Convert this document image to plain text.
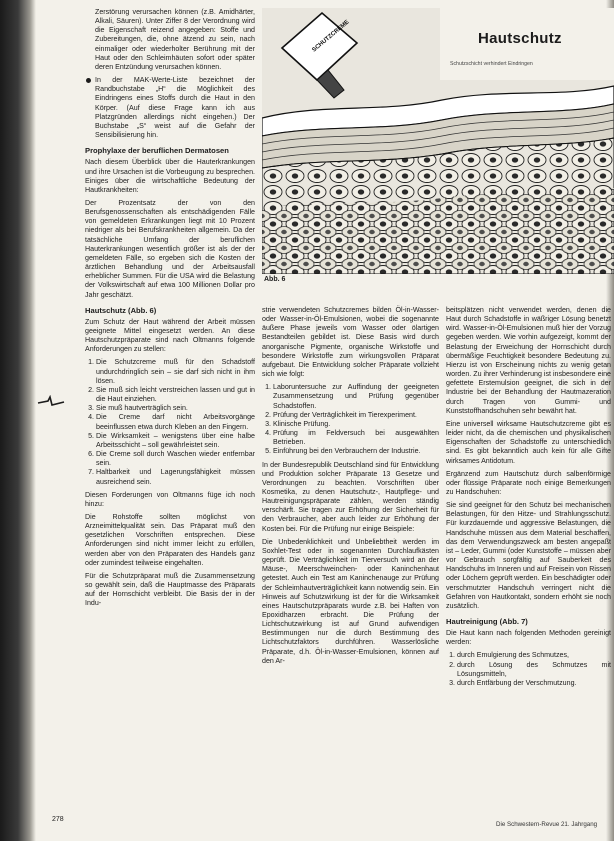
Zerstörung verursachen können (z.B. Amidhärter, Alkali, Säuren). Unter Ziffer 8 der Verordnung wird die Eigenschaft reizend angegeben: Stoffe und Zubereitungen, die, ohne ätzend zu sein, nach einmaliger oder wiederholter Berührung mit der Haut oder den Schleimhäuten sofort oder später deren Entzündung verursachen können.

In der MAK-Werte-Liste bezeichnet der Randbuchstabe „H“ die Möglichkeit des Eindringens eines Stoffs durch die Haut in den Körper. (Auf diese Frage kann ich aus Platzgründen allerdings nicht eingehen.) Der Buchstabe „S“ weist auf die Gefahr der Sensibilisierung hin.

Prophylaxe der beruflichen Dermatosen

Nach diesem Überblick über die Hauterkrankungen und ihre Ursachen ist die Vorbeugung zu besprechen. Einiges über die wirtschaftliche Bedeutung der Hautkrankheiten:

Der Prozentsatz der von den Berufsgenossenschaften als entschädigenden Fälle von gemeldeten Erkrankungen liegt mit 10 Prozent niedriger als bei Berufskrankheiten allgemein. Da der tatsächliche Umfang der beruflichen Hauterkrankungen wesentlich größer ist als der der gemeldeten Fälle, so ergeben sich die Kosten der ärztlichen Behandlung und der Arbeitsausfall erheblicher Summen. Für die USA wird die Belastung der Volkswirtschaft auf etwa 100 Millionen Dollar pro Jahr geschätzt.

Hautschutz (Abb. 6)

Zum Schutz der Haut während der Arbeit müssen geeignete Mittel eingesetzt werden. An diese Hautschutzpräparate sind nach Oltmanns folgende Anforderungen zu stellen:

1. Die Schutzcreme muß für den Schadstoff undurchdringlich sein – sie darf sich nicht in ihm lösen.
2. Sie muß sich leicht verstreichen lassen und gut in die Haut einziehen.
3. Sie muß hautverträglich sein.
4. Die Creme darf nicht Arbeitsvorgänge beeinflussen etwa durch Kleben an den Fingern.
5. Die Wirksamkeit – wenigstens über eine halbe Arbeitsschicht – soll gewährleistet sein.
6. Die Creme soll durch Waschen wieder entfernbar sein.
7. Haltbarkeit und Lagerungsfähigkeit müssen ausreichend sein.

Diesen Forderungen von Oltmanns füge ich noch hinzu:

Die Rohstoffe sollten möglichst von Arzneimittelqualität sein. Das Präparat muß den gesetzlichen Vorschriften entsprechen. Diese Anforderungen sind nicht immer leicht zu erfüllen, werden aber von den Präparaten des Handels ganz oder zumindest teilweise eingehalten.

Für die Schutzpräparat muß die Zusammensetzung so gewählt sein, daß die Hauptmasse des Präparats auf der Hornschicht verbleibt. Die Basis der in der Indu-

SCHUTZCREME	Hautschutz
Schutzschicht verhindert Eindringen
Abb. 6

strie verwendeten Schutzcremes bilden Öl-in-Wasser- oder Wasser-in-Öl-Emulsionen, wobei die sogenannte äußere Phase jeweils vom Wasser oder ölartigen Bestandteilen gebildet ist. Diese Basis wird durch anorganische Pigmente, organische Wirkstoffe und besondere Wirkstoffe zum wirkungsvollen Präparat aufgebaut. Die Entwicklung solcher Präparate vollzieht sich wie folgt:

1. Laboruntersuche zur Auffindung der geeigneten Zusammensetzung und Prüfung gegenüber Schadstoffen.
2. Prüfung der Verträglichkeit im Tierexperiment.
3. Klinische Prüfung.
4. Prüfung im Feldversuch bei ausgewählten Betrieben.
5. Einführung bei den Verbrauchern der Industrie.

In der Bundesrepublik Deutschland sind für Entwicklung und Produktion solcher Präparate 13 Gesetze und Verordnungen zu beachten. Vorschriften über Kosmetika, zu denen Hautschutz-, Hautpflege- und Hautreinigungspräparate zählen, werden ständig verschärft. Sie tragen zur Erhöhung der Sicherheit für den Verbraucher, aber auch leider zur Erhöhung der Kosten bei. Für die Prüfung nur einige Beispiele:

Die Unbedenklichkeit und Unbeliebtheit werden im Soxhlet-Test oder in sogenannten Durchlaufkästen geprüft. Die Verträglichkeit im Tierversuch wird an der Mäuse-, Meerschweinchen- oder Kaninchenhaut getestet. Auch ein Test am Kaninchenauge zur Prüfung der Schleimhautverträglichkeit kann notwendig sein. Ein Hinweis auf Schutzwirkung ist der für die Wirksamkeit eines Hautschutzpräparats wurde z.B. bei Haften von Epoxidharzen erbracht. Die Prüfung der Lichtschutzwirkung ist auf Grund aufwendigen Bestimmungen nur die durch Bestimmung des Lichtschutzfaktors durchführen. Wasserlösliche Präparate, d.h. Öl-in-Wasser-Emulsionen, können auf den Ar-

beitsplätzen nicht verwendet werden, denen die Haut durch Schadstoffe in wäßriger Lösung benetzt wird. Wasser-in-Öl-Emulsionen muß hier der Vorzug gegeben werden. Wie vorhin aufgezeigt, kommt der Belastung der Erweichung der Hornschicht durch übermäßige Feuchtigkeit besondere Bedeutung zu. Hierzu ist von Erscheinung nichts zu wenig getan worden. Zu ihrer Verhinderung ist insbesondere eine gefettete Erstemulsion geeignet, die sich in der Industrie bei der Behandlung der Hautmazeration durch Tragen von Gummi- und Kunststoffhandschuhen sehr bewährt hat.

Eine universell wirksame Hautschutzcreme gibt es leider nicht, da die chemischen und physikalischen Eigenschaften der Schadstoffe zu unterschiedlich sind. Es gibt bekanntlich auch kein für alle Gifte wirksames Antidotum.

Ergänzend zum Hautschutz durch salbenförmige oder flüssige Präparate noch einige Bemerkungen zu Handschuhen:

Sie sind geeignet für den Schutz bei mechanischen Belastungen, für den Hitze- und Strahlungsschutz. Für kurzdauernde und aggressive Belastungen, die Handschuhe müssen aus dem Material beschaffen, das dem Verwendungszweck am besten angepaßt ist – Leder, Gummi (oder Kunststoffe – müssen aber vor Gebrauch sorgfältig auf Sauberkeit des Handschuhs im Inneren und auf Freisein von Rissen oder Löchern geprüft werden. Ein beschädigter oder verschmutzter Handschuh verringert nicht die Gefahren von Hautkontakt, sondern erhöht sie noch zusätzlich.

Hautreinigung (Abb. 7)

Die Haut kann nach folgenden Methoden gereinigt werden:

1. durch Emulgierung des Schmutzes,
2. durch Lösung des Schmutzes mit Lösungsmitteln,
3. durch Entfärbung der Verschmutzung.
278
Die Schwestern-Revue 21. Jahrgang
